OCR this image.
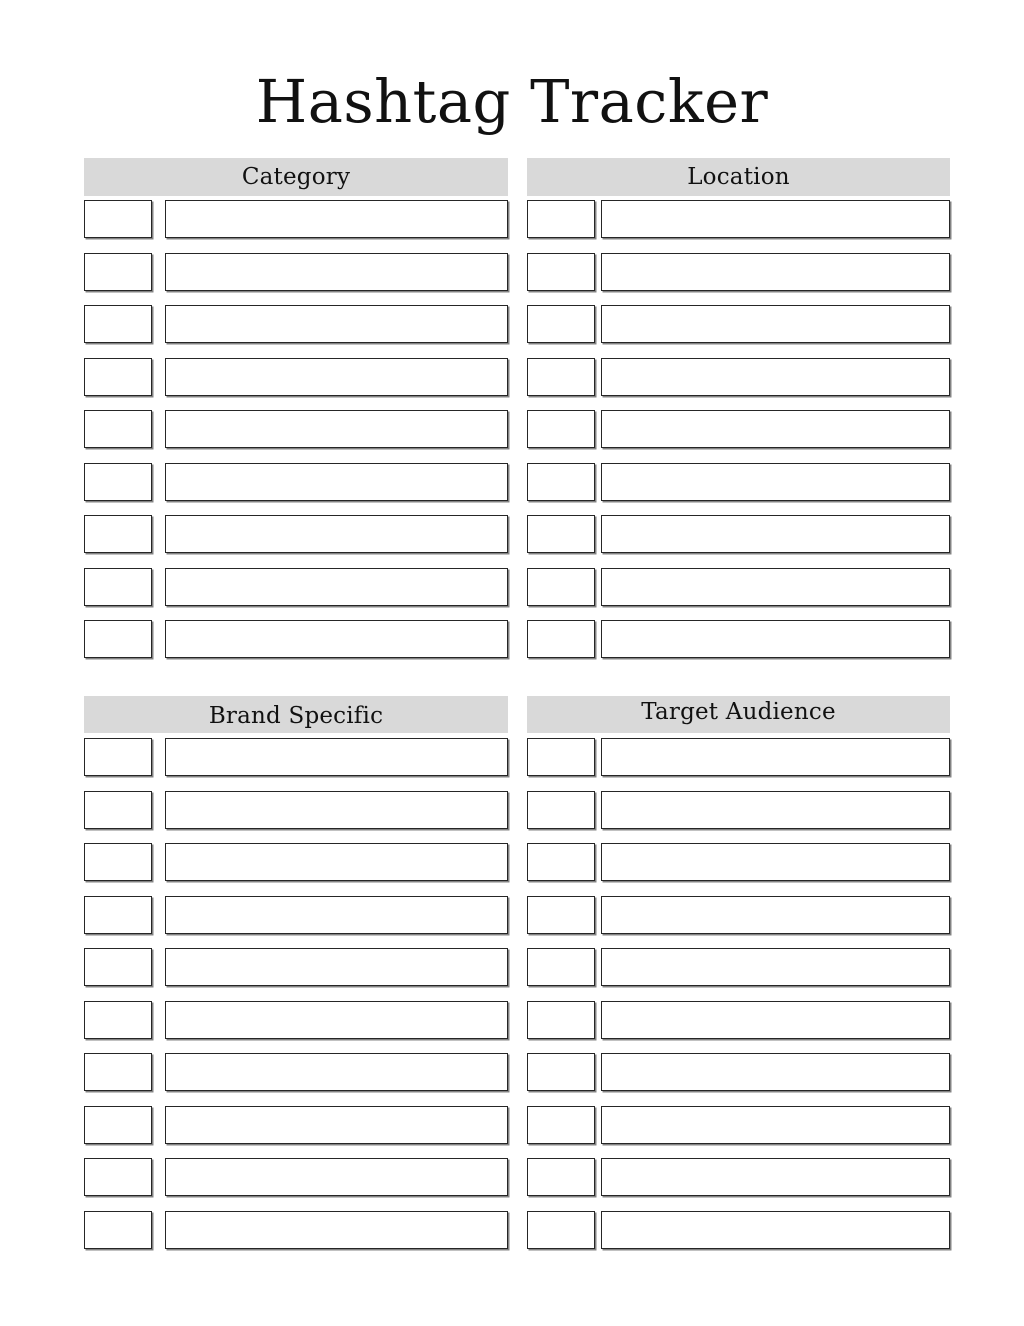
Hashtag Tracker
Category	Location
Brand Specific	Target Audience
